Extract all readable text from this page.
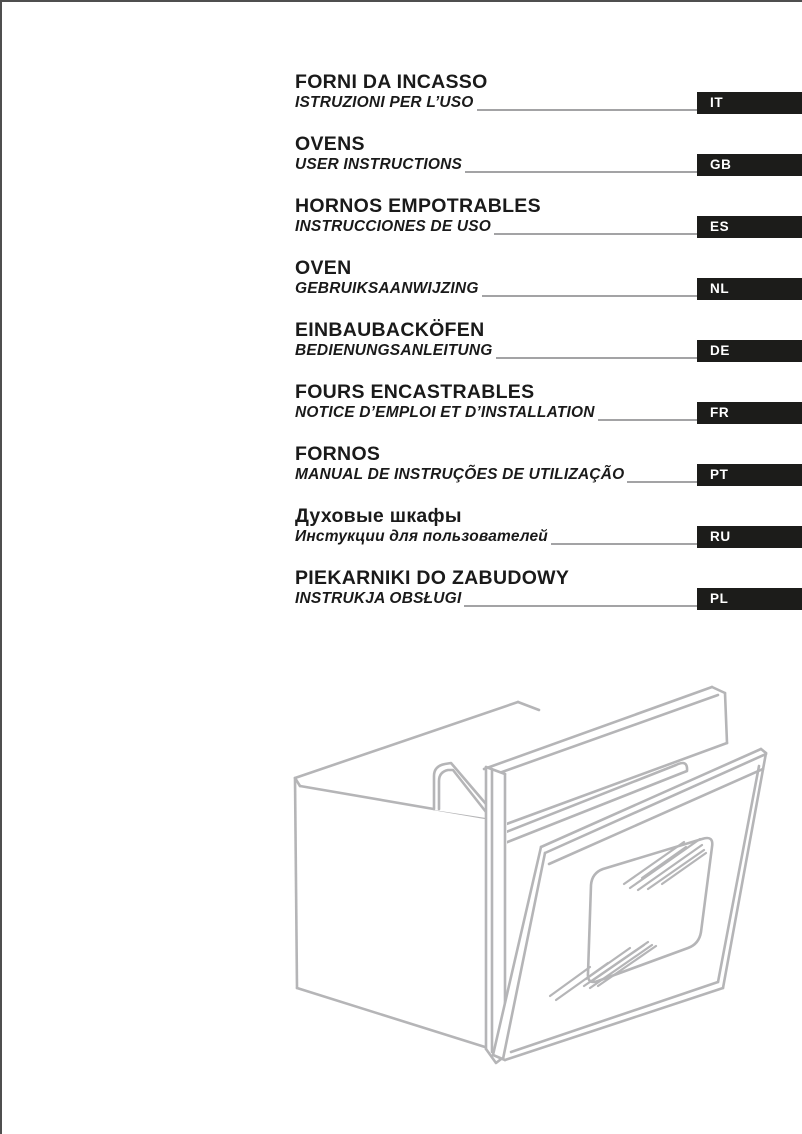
FORNI DA INCASSO
ISTRUZIONI PER L’USO	IT
OVENS
USER INSTRUCTIONS	GB
HORNOS EMPOTRABLES
INSTRUCCIONES DE USO	ES
OVEN
GEBRUIKSAANWIJZING	NL
EINBAUBACKÖFEN
BEDIENUNGSANLEITUNG	DE
FOURS ENCASTRABLES
NOTICE D’EMPLOI ET D’INSTALLATION	FR
FORNOS
MANUAL DE INSTRUÇÕES DE UTILIZAÇÃO	PT
Духовые шкафы
Инстукции для пользователей	RU
PIEKARNIKI DO ZABUDOWY
INSTRUKJA OBSŁUGI	PL
